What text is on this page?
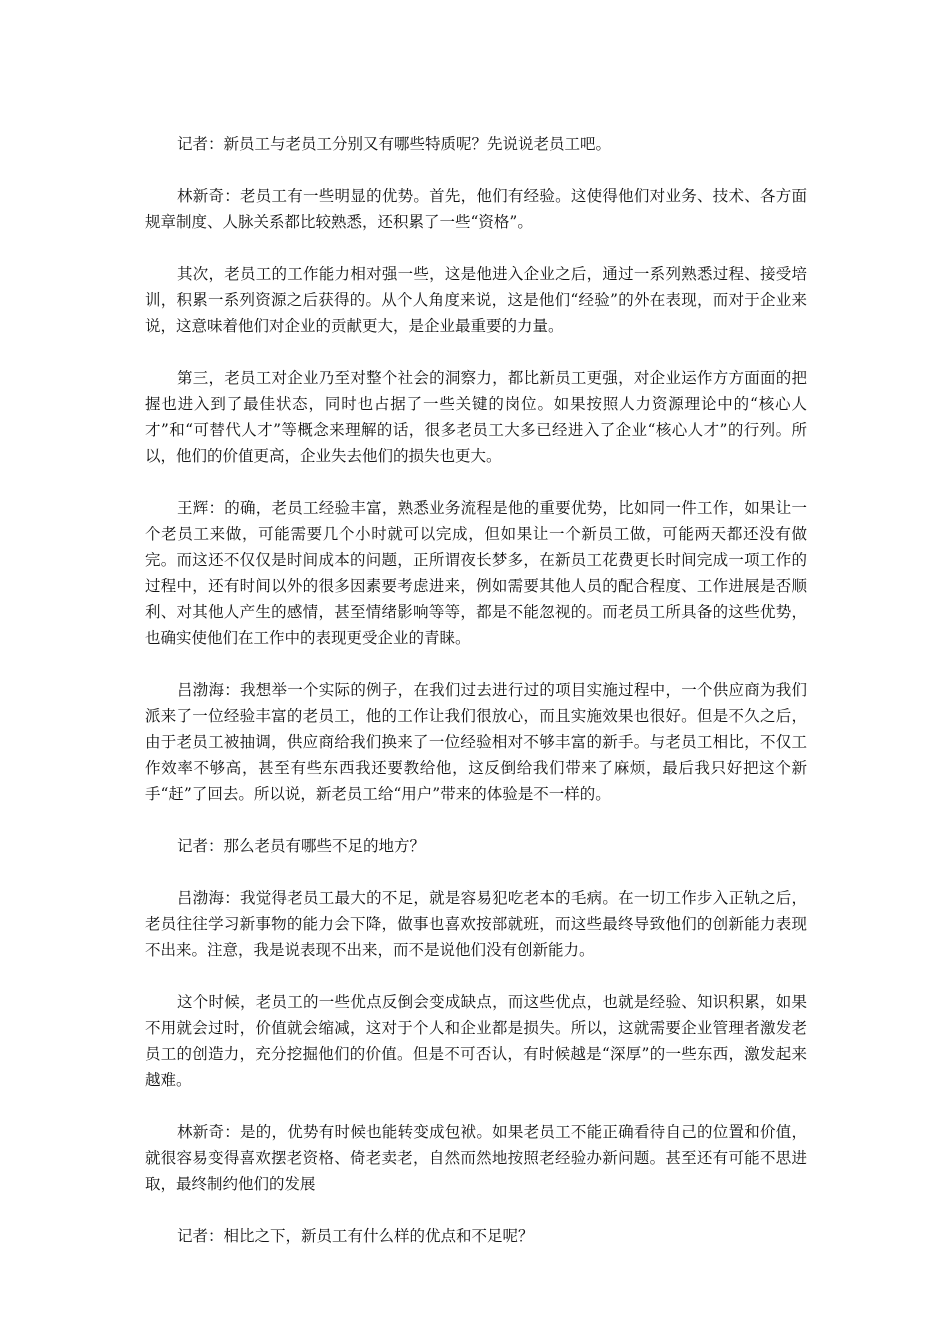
记者：新员工与老员工分别又有哪些特质呢？先说说老员工吧。

林新奇：老员工有一些明显的优势。首先，他们有经验。这使得他们对业务、技术、各方面规章制度、人脉关系都比较熟悉，还积累了一些“资格”。

其次，老员工的工作能力相对强一些，这是他进入企业之后，通过一系列熟悉过程、接受培训，积累一系列资源之后获得的。从个人角度来说，这是他们“经验”的外在表现，而对于企业来说，这意味着他们对企业的贡献更大，是企业最重要的力量。

第三，老员工对企业乃至对整个社会的洞察力，都比新员工更强，对企业运作方方面面的把握也进入到了最佳状态，同时也占据了一些关键的岗位。如果按照人力资源理论中的“核心人才”和“可替代人才”等概念来理解的话，很多老员工大多已经进入了企业“核心人才”的行列。所以，他们的价值更高，企业失去他们的损失也更大。

王辉：的确，老员工经验丰富，熟悉业务流程是他的重要优势，比如同一件工作，如果让一个老员工来做，可能需要几个小时就可以完成，但如果让一个新员工做，可能两天都还没有做完。而这还不仅仅是时间成本的问题，正所谓夜长梦多，在新员工花费更长时间完成一项工作的过程中，还有时间以外的很多因素要考虑进来，例如需要其他人员的配合程度、工作进展是否顺利、对其他人产生的感情，甚至情绪影响等等，都是不能忽视的。而老员工所具备的这些优势，也确实使他们在工作中的表现更受企业的青睐。

吕渤海：我想举一个实际的例子，在我们过去进行过的项目实施过程中，一个供应商为我们派来了一位经验丰富的老员工，他的工作让我们很放心，而且实施效果也很好。但是不久之后，由于老员工被抽调，供应商给我们换来了一位经验相对不够丰富的新手。与老员工相比，不仅工作效率不够高，甚至有些东西我还要教给他，这反倒给我们带来了麻烦，最后我只好把这个新手“赶”了回去。所以说，新老员工给“用户”带来的体验是不一样的。

记者：那么老员有哪些不足的地方？

吕渤海：我觉得老员工最大的不足，就是容易犯吃老本的毛病。在一切工作步入正轨之后，老员往往学习新事物的能力会下降，做事也喜欢按部就班，而这些最终导致他们的创新能力表现不出来。注意，我是说表现不出来，而不是说他们没有创新能力。

这个时候，老员工的一些优点反倒会变成缺点，而这些优点，也就是经验、知识积累，如果不用就会过时，价值就会缩减，这对于个人和企业都是损失。所以，这就需要企业管理者激发老员工的创造力，充分挖掘他们的价值。但是不可否认，有时候越是“深厚”的一些东西，激发起来越难。

林新奇：是的，优势有时候也能转变成包袱。如果老员工不能正确看待自己的位置和价值，就很容易变得喜欢摆老资格、倚老卖老，自然而然地按照老经验办新问题。甚至还有可能不思进取，最终制约他们的发展

记者：相比之下，新员工有什么样的优点和不足呢？
